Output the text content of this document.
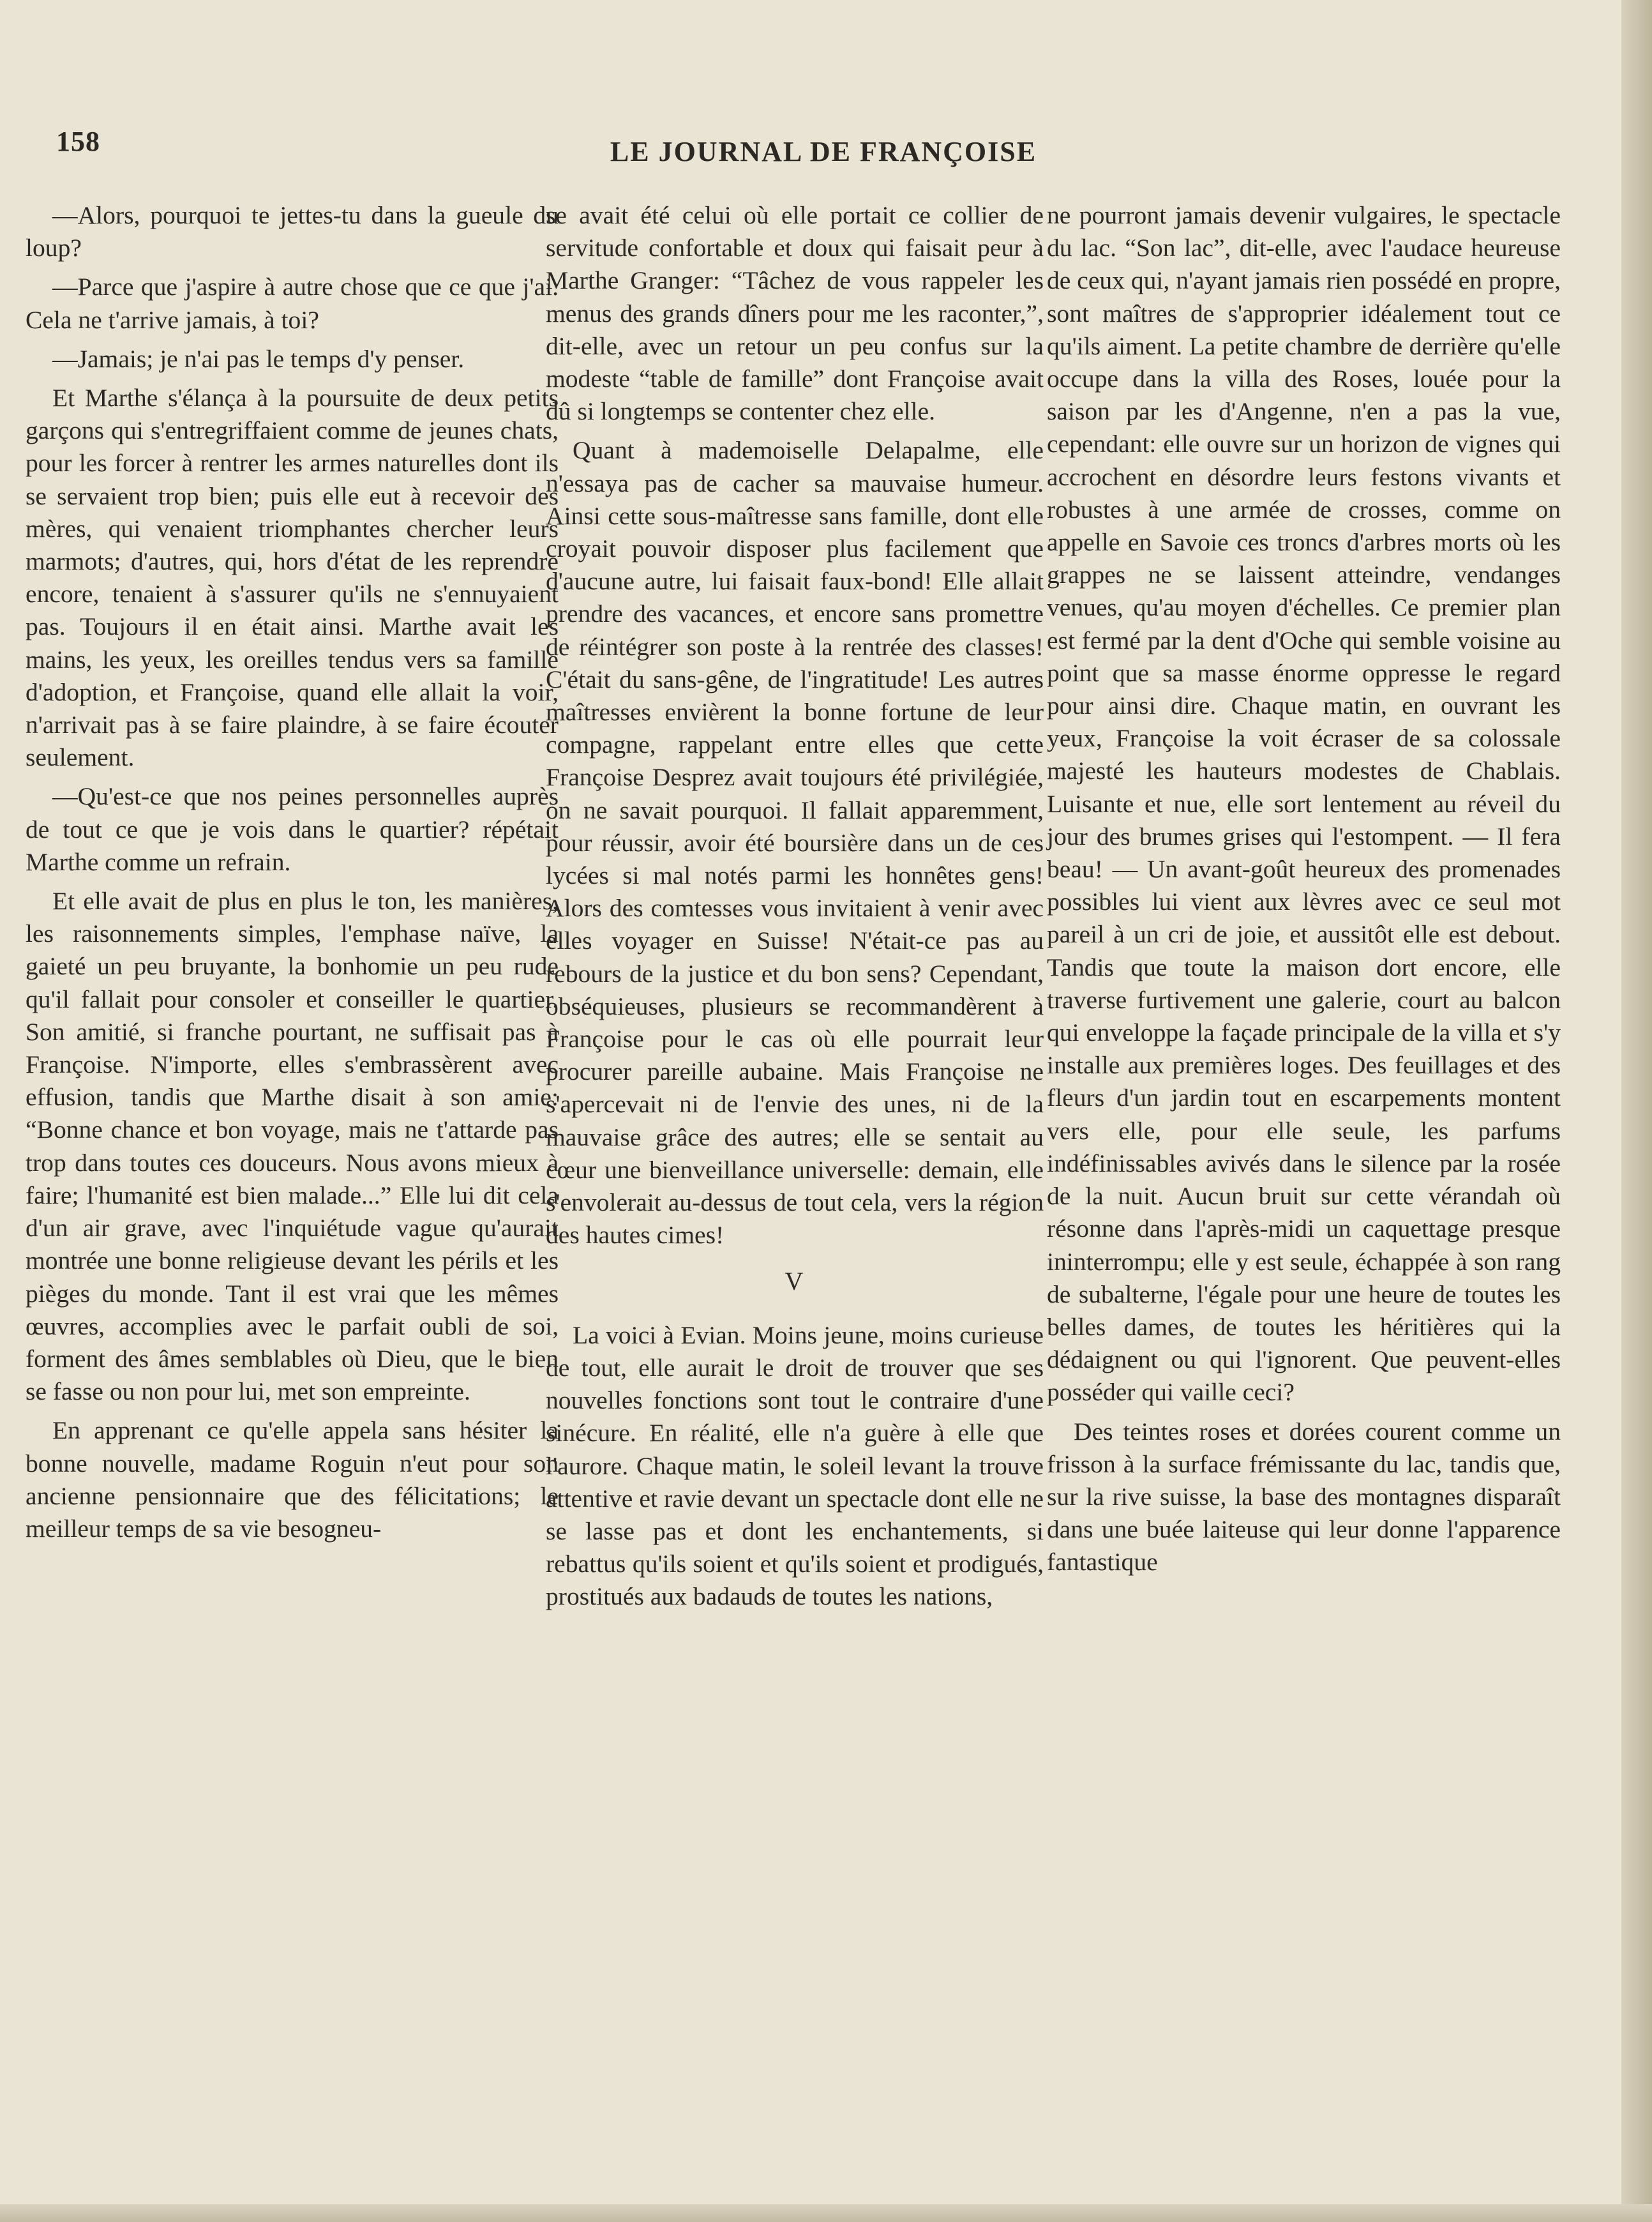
158	LE JOURNAL DE FRANÇOISE

—Alors, pourquoi te jettes-tu dans la gueule du loup?

—Parce que j'aspire à autre chose que ce que j'ai. Cela ne t'arrive jamais, à toi?

—Jamais; je n'ai pas le temps d'y penser.

Et Marthe s'élança à la poursuite de deux petits garçons qui s'entregriffaient comme de jeunes chats, pour les forcer à rentrer les armes naturelles dont ils se servaient trop bien; puis elle eut à recevoir des mères, qui venaient triomphantes chercher leurs marmots; d'autres, qui, hors d'état de les reprendre encore, tenaient à s'assurer qu'ils ne s'ennuyaient pas. Toujours il en était ainsi. Marthe avait les mains, les yeux, les oreilles tendus vers sa famille d'adoption, et Françoise, quand elle allait la voir, n'arrivait pas à se faire plaindre, à se faire écouter seulement.

—Qu'est-ce que nos peines personnelles auprès de tout ce que je vois dans le quartier? répétait Marthe comme un refrain.

Et elle avait de plus en plus le ton, les manières, les raisonnements simples, l'emphase naïve, la gaieté un peu bruyante, la bonhomie un peu rude qu'il fallait pour consoler et conseiller le quartier. Son amitié, si franche pourtant, ne suffisait pas à Françoise. N'importe, elles s'embrassèrent avec effusion, tandis que Marthe disait à son amie: “Bonne chance et bon voyage, mais ne t'attarde pas trop dans toutes ces douceurs. Nous avons mieux à faire; l'humanité est bien malade...” Elle lui dit cela d'un air grave, avec l'inquiétude vague qu'aurait montrée une bonne religieuse devant les périls et les pièges du monde. Tant il est vrai que les mêmes œuvres, accomplies avec le parfait oubli de soi, forment des âmes semblables où Dieu, que le bien se fasse ou non pour lui, met son empreinte.

En apprenant ce qu'elle appela sans hésiter la bonne nouvelle, madame Roguin n'eut pour son ancienne pensionnaire que des félicitations; le meilleur temps de sa vie besogneu-

se avait été celui où elle portait ce collier de servitude confortable et doux qui faisait peur à Marthe Granger: “Tâchez de vous rappeler les menus des grands dîners pour me les raconter,”, dit-elle, avec un retour un peu confus sur la modeste “table de famille” dont Françoise avait dû si longtemps se contenter chez elle.

Quant à mademoiselle Delapalme, elle n'essaya pas de cacher sa mauvaise humeur. Ainsi cette sous-maîtresse sans famille, dont elle croyait pouvoir disposer plus facilement que d'aucune autre, lui faisait faux-bond! Elle allait prendre des vacances, et encore sans promettre de réintégrer son poste à la rentrée des classes! C'était du sans-gêne, de l'ingratitude! Les autres maîtresses envièrent la bonne fortune de leur compagne, rappelant entre elles que cette Françoise Desprez avait toujours été privilégiée, on ne savait pourquoi. Il fallait apparemment, pour réussir, avoir été boursière dans un de ces lycées si mal notés parmi les honnêtes gens! Alors des comtesses vous invitaient à venir avec elles voyager en Suisse! N'était-ce pas au rebours de la justice et du bon sens? Cependant, obséquieuses, plusieurs se recommandèrent à Françoise pour le cas où elle pourrait leur procurer pareille aubaine. Mais Françoise ne s'apercevait ni de l'envie des unes, ni de la mauvaise grâce des autres; elle se sentait au cœur une bienveillance universelle: demain, elle s'envolerait au-dessus de tout cela, vers la région des hautes cimes!

V

La voici à Evian. Moins jeune, moins curieuse de tout, elle aurait le droit de trouver que ses nouvelles fonctions sont tout le contraire d'une sinécure. En réalité, elle n'a guère à elle que l'aurore. Chaque matin, le soleil levant la trouve attentive et ravie devant un spectacle dont elle ne se lasse pas et dont les enchantements, si rebattus qu'ils soient et qu'ils soient et prodigués, prostitués aux badauds de toutes les nations,

ne pourront jamais devenir vulgaires, le spectacle du lac. “Son lac”, dit-elle, avec l'audace heureuse de ceux qui, n'ayant jamais rien possédé en propre, sont maîtres de s'approprier idéalement tout ce qu'ils aiment. La petite chambre de derrière qu'elle occupe dans la villa des Roses, louée pour la saison par les d'Angenne, n'en a pas la vue, cependant: elle ouvre sur un horizon de vignes qui accrochent en désordre leurs festons vivants et robustes à une armée de crosses, comme on appelle en Savoie ces troncs d'arbres morts où les grappes ne se laissent atteindre, vendanges venues, qu'au moyen d'échelles. Ce premier plan est fermé par la dent d'Oche qui semble voisine au point que sa masse énorme oppresse le regard pour ainsi dire. Chaque matin, en ouvrant les yeux, Françoise la voit écraser de sa colossale majesté les hauteurs modestes de Chablais. Luisante et nue, elle sort lentement au réveil du jour des brumes grises qui l'estompent. — Il fera beau! — Un avant-goût heureux des promenades possibles lui vient aux lèvres avec ce seul mot pareil à un cri de joie, et aussitôt elle est debout. Tandis que toute la maison dort encore, elle traverse furtivement une galerie, court au balcon qui enveloppe la façade principale de la villa et s'y installe aux premières loges. Des feuillages et des fleurs d'un jardin tout en escarpements montent vers elle, pour elle seule, les parfums indéfinissables avivés dans le silence par la rosée de la nuit. Aucun bruit sur cette vérandah où résonne dans l'après-midi un caquettage presque ininterrompu; elle y est seule, échappée à son rang de subalterne, l'égale pour une heure de toutes les belles dames, de toutes les héritières qui la dédaignent ou qui l'ignorent. Que peuvent-elles posséder qui vaille ceci?

Des teintes roses et dorées courent comme un frisson à la surface frémissante du lac, tandis que, sur la rive suisse, la base des montagnes disparaît dans une buée laiteuse qui leur donne l'apparence fantastique
